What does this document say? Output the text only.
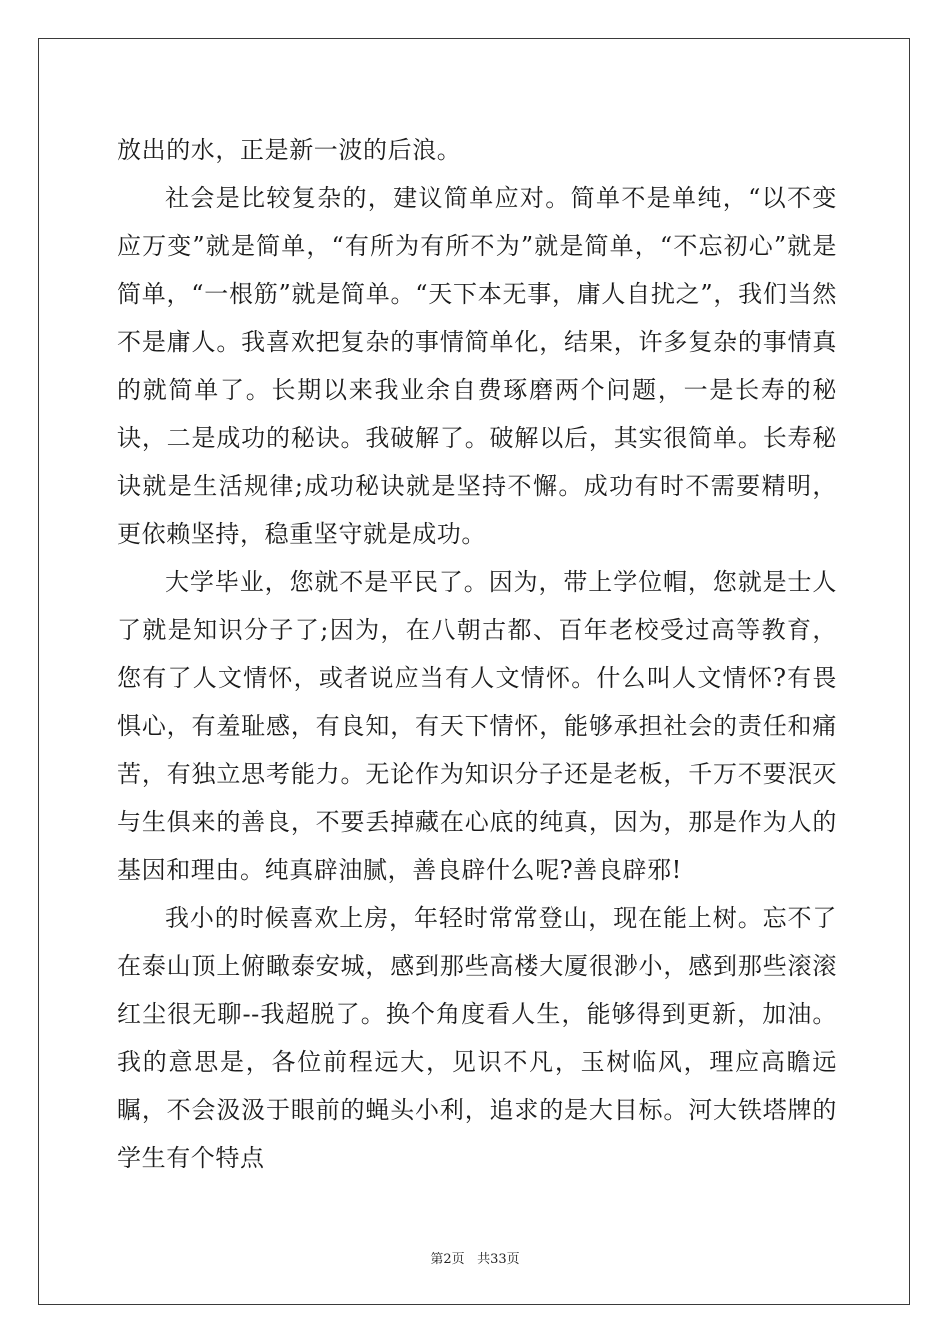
放出的水，正是新一波的后浪。

社会是比较复杂的，建议简单应对。简单不是单纯，“以不变应万变”就是简单，“有所为有所不为”就是简单，“不忘初心”就是简单，“一根筋”就是简单。“天下本无事，庸人自扰之”，我们当然不是庸人。我喜欢把复杂的事情简单化，结果，许多复杂的事情真的就简单了。长期以来我业余自费琢磨两个问题，一是长寿的秘诀，二是成功的秘诀。我破解了。破解以后，其实很简单。长寿秘诀就是生活规律;成功秘诀就是坚持不懈。成功有时不需要精明，更依赖坚持，稳重坚守就是成功。

大学毕业，您就不是平民了。因为，带上学位帽，您就是士人了就是知识分子了;因为，在八朝古都、百年老校受过高等教育，您有了人文情怀，或者说应当有人文情怀。什么叫人文情怀?有畏惧心，有羞耻感，有良知，有天下情怀，能够承担社会的责任和痛苦，有独立思考能力。无论作为知识分子还是老板，千万不要泯灭与生俱来的善良，不要丢掉藏在心底的纯真，因为，那是作为人的基因和理由。纯真辟油腻，善良辟什么呢?善良辟邪!

我小的时候喜欢上房，年轻时常常登山，现在能上树。忘不了在泰山顶上俯瞰泰安城，感到那些高楼大厦很渺小，感到那些滚滚红尘很无聊--我超脱了。换个角度看人生，能够得到更新，加油。我的意思是，各位前程远大，见识不凡，玉树临风，理应高瞻远瞩，不会汲汲于眼前的蝇头小利，追求的是大目标。河大铁塔牌的学生有个特点

第2页 共33页
